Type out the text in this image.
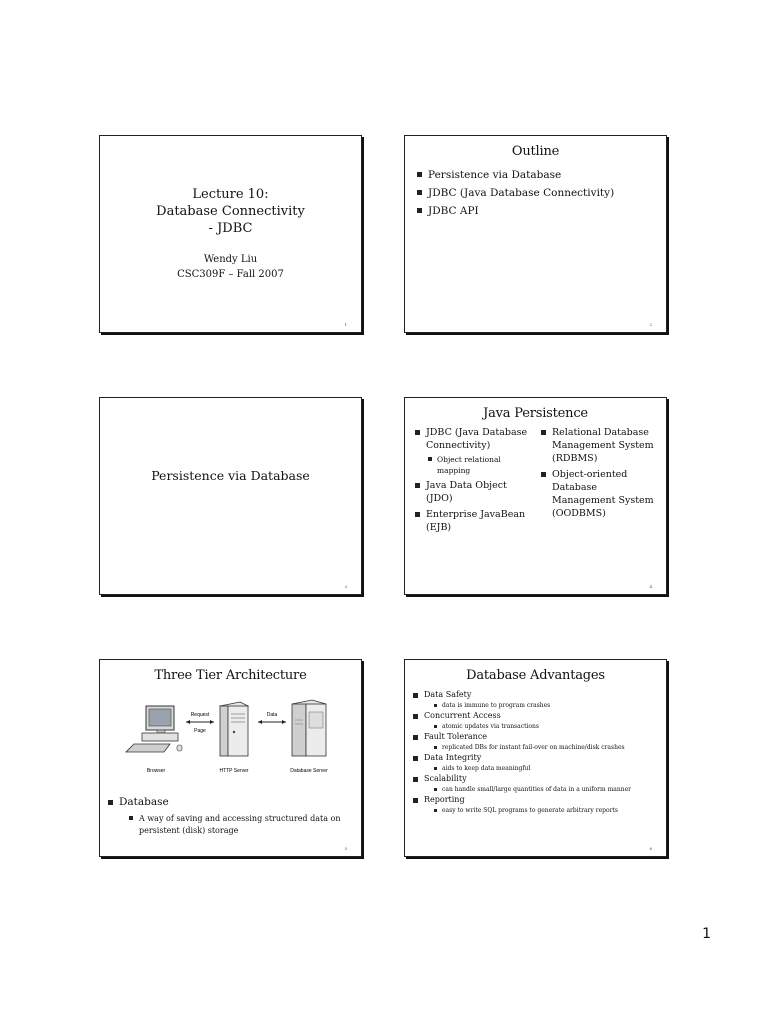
Lecture 10:
Database Connectivity
- JDBC
Wendy Liu
CSC309F – Fall 2007
1
Outline
Persistence via Database
JDBC (Java Database Connectivity)
JDBC API
2
Persistence via Database
3
Java Persistence
JDBC (Java Database Connectivity)
Object relational mapping
Java Data Object (JDO)
Enterprise JavaBean (EJB)
Relational Database Management System (RDBMS)
Object-oriented Database Management System (OODBMS)
4
Three Tier Architecture
Browser	HTTP Server	Database Server
Request
Page
Data
Database
A way of saving and accessing structured data on persistent (disk) storage
5
Database Advantages
Data Safety
data is immune to program crashes
Concurrent Access
atomic updates via transactions
Fault Tolerance
replicated DBs for instant fail-over on machine/disk crashes
Data Integrity
aids to keep data meaningful
Scalability
can handle small/large quantities of data in a uniform manner
Reporting
easy to write SQL programs to generate arbitrary reports
6
1
